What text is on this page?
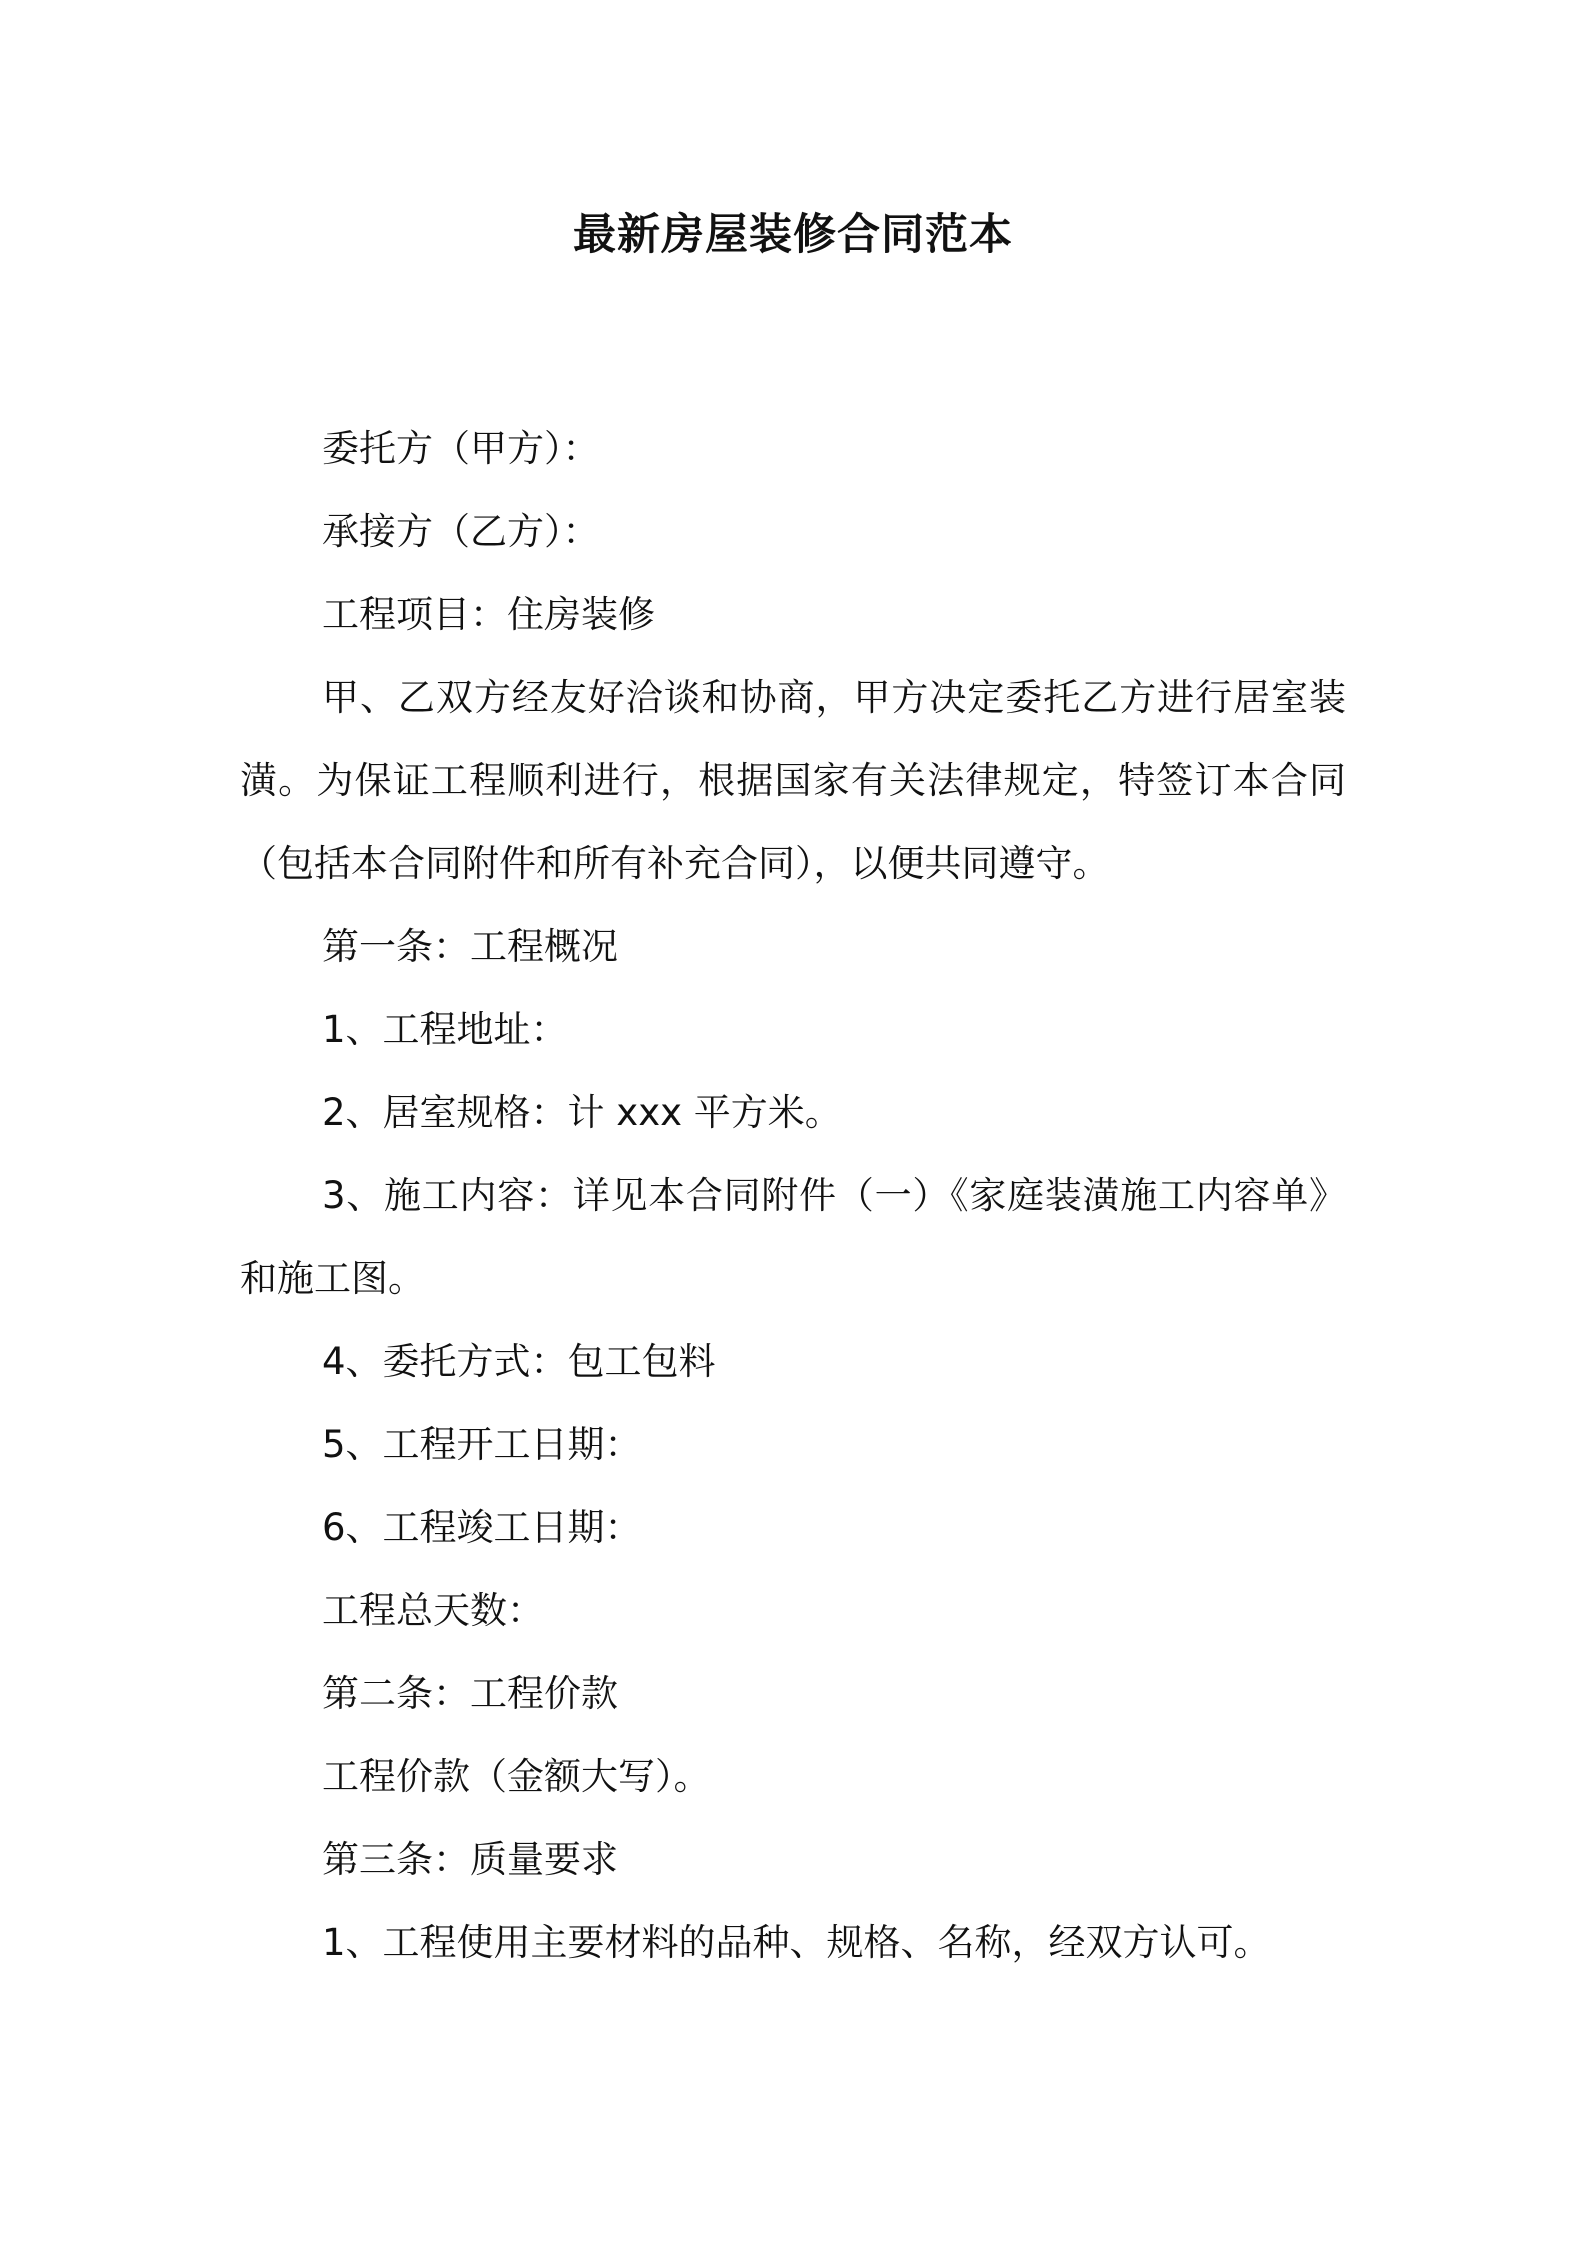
最新房屋装修合同范本

委托方（甲方）：

承接方（乙方）：

工程项目：住房装修

甲、乙双方经友好洽谈和协商，甲方决定委托乙方进行居室装潢。为保证工程顺利进行，根据国家有关法律规定，特签订本合同（包括本合同附件和所有补充合同），以便共同遵守。

第一条：工程概况

1、工程地址：

2、居室规格：计 xxx 平方米。

3、施工内容：详见本合同附件（一）《家庭装潢施工内容单》和施工图。

4、委托方式：包工包料

5、工程开工日期：

6、工程竣工日期：

工程总天数：

第二条：工程价款

工程价款（金额大写）。

第三条：质量要求

1、工程使用主要材料的品种、规格、名称，经双方认可。
